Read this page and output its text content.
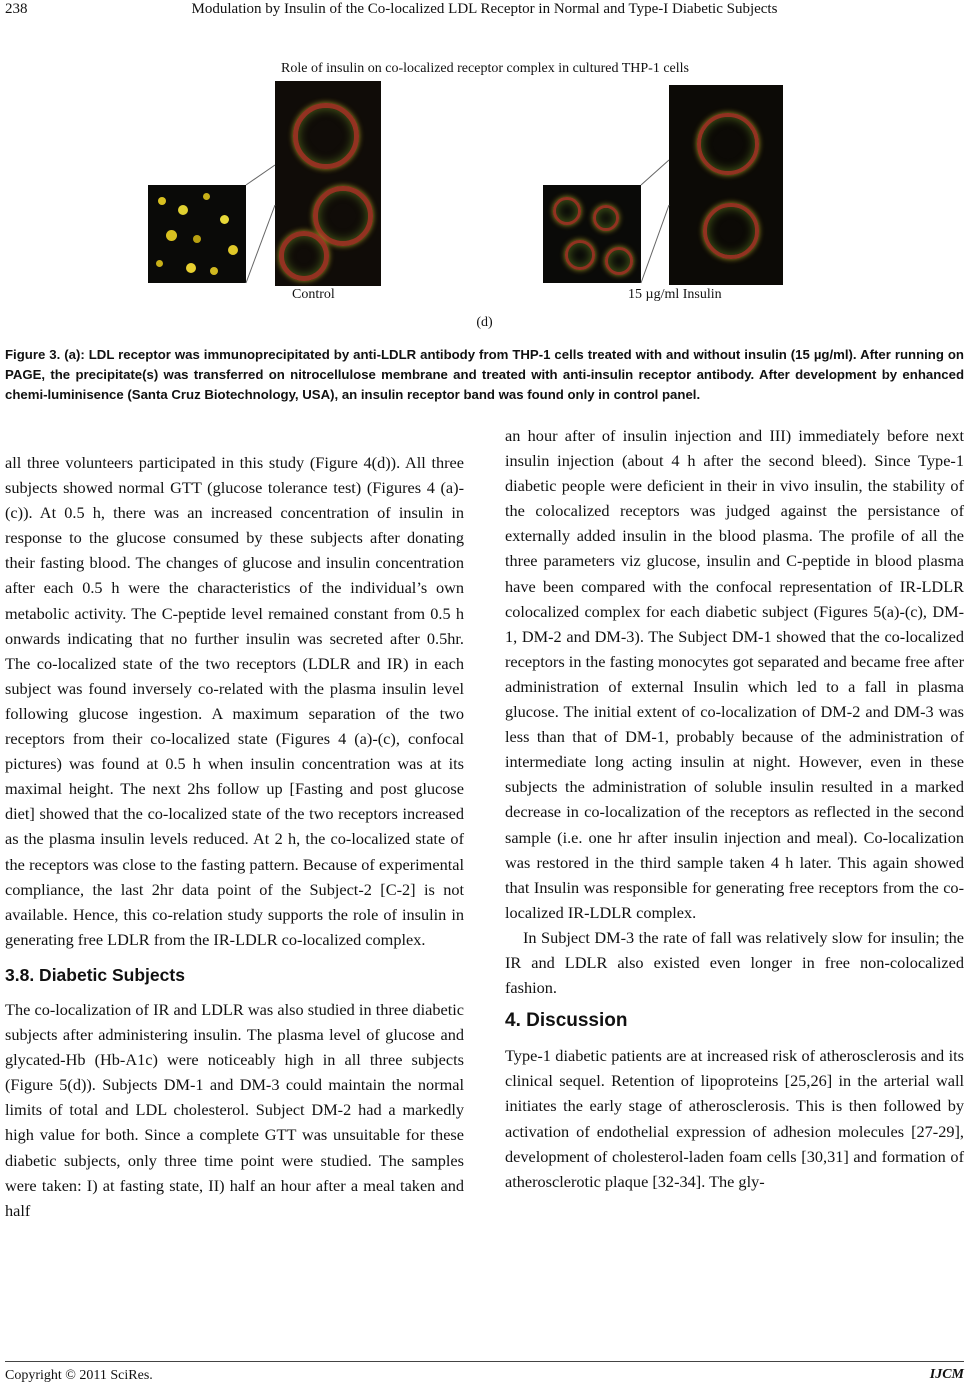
238	Modulation by Insulin of the Co-localized LDL Receptor in Normal and Type-I Diabetic Subjects
Role of insulin on co-localized receptor complex in cultured THP-1 cells
Control	15 µg/ml Insulin
(d)
Figure 3. (a): LDL receptor was immunoprecipitated by anti-LDLR antibody from THP-1 cells treated with and without insulin (15 µg/ml). After running on PAGE, the precipitate(s) was transferred on nitrocellulose membrane and treated with anti-insulin receptor antibody. After development by enhanced chemi-luminisence (Santa Cruz Biotechnology, USA), an insulin receptor band was found only in control panel.

all three volunteers participated in this study (Figure 4(d)). All three subjects showed normal GTT (glucose tolerance test) (Figures 4 (a)-(c)). At 0.5 h, there was an increased concentration of insulin in response to the glucose consumed by these subjects after donating their fasting blood. The changes of glucose and insulin concentration after each 0.5 h were the characteristics of the individual’s own metabolic activity. The C-peptide level remained constant from 0.5 h onwards indicating that no further insulin was secreted after 0.5hr. The co-localized state of the two receptors (LDLR and IR) in each subject was found inversely co-related with the plasma insulin level following glucose ingestion. A maximum separation of the two receptors from their co-localized state (Figures 4 (a)-(c), confocal pictures) was found at 0.5 h when insulin concentration was at its maximal height. The next 2hs follow up [Fasting and post glucose diet] showed that the co-localized state of the two receptors increased as the plasma insulin levels reduced. At 2 h, the co-localized state of the receptors was close to the fasting pattern. Because of experimental compliance, the last 2hr data point of the Subject-2 [C-2] is not available. Hence, this co-relation study supports the role of insulin in generating free LDLR from the IR-LDLR co-localized complex.

3.8. Diabetic Subjects

The co-localization of IR and LDLR was also studied in three diabetic subjects after administering insulin. The plasma level of glucose and glycated-Hb (Hb-A1c) were noticeably high in all three subjects (Figure 5(d)). Subjects DM-1 and DM-3 could maintain the normal limits of total and LDL cholesterol. Subject DM-2 had a markedly high value for both. Since a complete GTT was unsuitable for these diabetic subjects, only three time point were studied. The samples were taken: I) at fasting state, II) half an hour after a meal taken and half

an hour after of insulin injection and III) immediately before next insulin injection (about 4 h after the second bleed). Since Type-1 diabetic people were deficient in their in vivo insulin, the stability of the colocalized receptors was judged against the persistance of externally added insulin in the blood plasma. The profile of all the three parameters viz glucose, insulin and C-peptide in blood plasma have been compared with the confocal representation of IR-LDLR colocalized complex for each diabetic subject (Figures 5(a)-(c), DM-1, DM-2 and DM-3). The Subject DM-1 showed that the co-localized receptors in the fasting monocytes got separated and became free after administration of external Insulin which led to a fall in plasma glucose. The initial extent of co-localization of DM-2 and DM-3 was less than that of DM-1, probably because of the administration of intermediate long acting insulin at night. However, even in these subjects the administration of soluble insulin resulted in a marked decrease in co-localization of the receptors as reflected in the second sample (i.e. one hr after insulin injection and meal). Co-localization was restored in the third sample taken 4 h later. This again showed that Insulin was responsible for generating free receptors from the co-localized IR-LDLR complex.

In Subject DM-3 the rate of fall was relatively slow for insulin; the IR and LDLR also existed even longer in free non-colocalized fashion.

4. Discussion

Type-1 diabetic patients are at increased risk of atherosclerosis and its clinical sequel. Retention of lipoproteins [25,26] in the arterial wall initiates the early stage of atherosclerosis. This is then followed by activation of endothelial expression of adhesion molecules [27-29], development of cholesterol-laden foam cells [30,31] and formation of atherosclerotic plaque [32-34]. The gly-

Copyright © 2011 SciRes.	IJCM
